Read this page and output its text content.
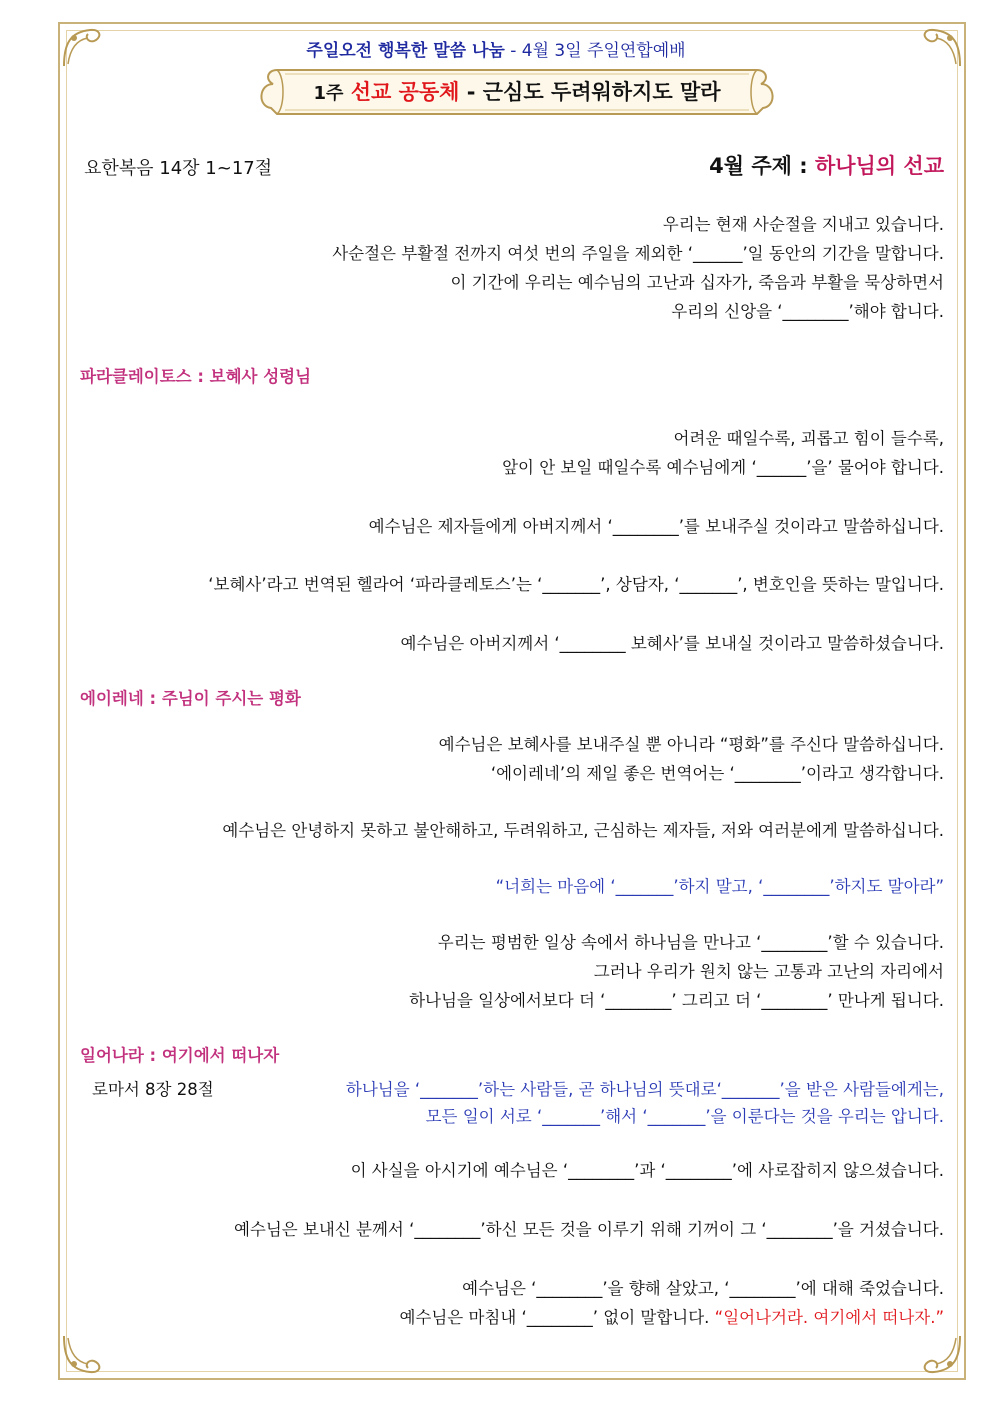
주일오전 행복한 말씀 나눔 - 4월 3일 주일연합예배
1주 선교 공동체 - 근심도 두려워하지도 말라
요한복음 14장 1~17절	4월 주제 : 하나님의 선교
우리는 현재 사순절을 지내고 있습니다.
사순절은 부활절 전까지 여섯 번의 주일을 제외한 ‘______’일 동안의 기간을 말합니다.
이 기간에 우리는 예수님의 고난과 십자가, 죽음과 부활을 묵상하면서
우리의 신앙을 ‘________’해야 합니다.
파라클레이토스 : 보혜사 성령님
어려운 때일수록, 괴롭고 힘이 들수록,
앞이 안 보일 때일수록 예수님에게 ‘______’을’ 물어야 합니다.
예수님은 제자들에게 아버지께서 ‘________’를 보내주실 것이라고 말씀하십니다.
‘보혜사’라고 번역된 헬라어 ‘파라클레토스’는 ‘_______’, 상담자, ‘_______’, 변호인을 뜻하는 말입니다.
예수님은 아버지께서 ‘________ 보혜사’를 보내실 것이라고 말씀하셨습니다.
에이레네 : 주님이 주시는 평화
예수님은 보혜사를 보내주실 뿐 아니라 “평화”를 주신다 말씀하십니다.
‘에이레네’의 제일 좋은 번역어는 ‘________’이라고 생각합니다.
예수님은 안녕하지 못하고 불안해하고, 두려워하고, 근심하는 제자들, 저와 여러분에게 말씀하십니다.
“너희는 마음에 ‘_______’하지 말고, ‘________’하지도 말아라”
우리는 평범한 일상 속에서 하나님을 만나고 ‘________’할 수 있습니다.
그러나 우리가 원치 않는 고통과 고난의 자리에서
하나님을 일상에서보다 더 ‘________’ 그리고 더 ‘________’ 만나게 됩니다.
일어나라 : 여기에서 떠나자
로마서 8장 28절	하나님을 ‘_______’하는 사람들, 곧 하나님의 뜻대로‘_______’을 받은 사람들에게는,
모든 일이 서로 ‘_______’해서 ‘_______’을 이룬다는 것을 우리는 압니다.
이 사실을 아시기에 예수님은 ‘________’과 ‘________’에 사로잡히지 않으셨습니다.
예수님은 보내신 분께서 ‘________’하신 모든 것을 이루기 위해 기꺼이 그 ‘________’을 거셨습니다.
예수님은 ‘________’을 향해 살았고, ‘________’에 대해 죽었습니다.
예수님은 마침내 ‘________’ 없이 말합니다. “일어나거라. 여기에서 떠나자.”
